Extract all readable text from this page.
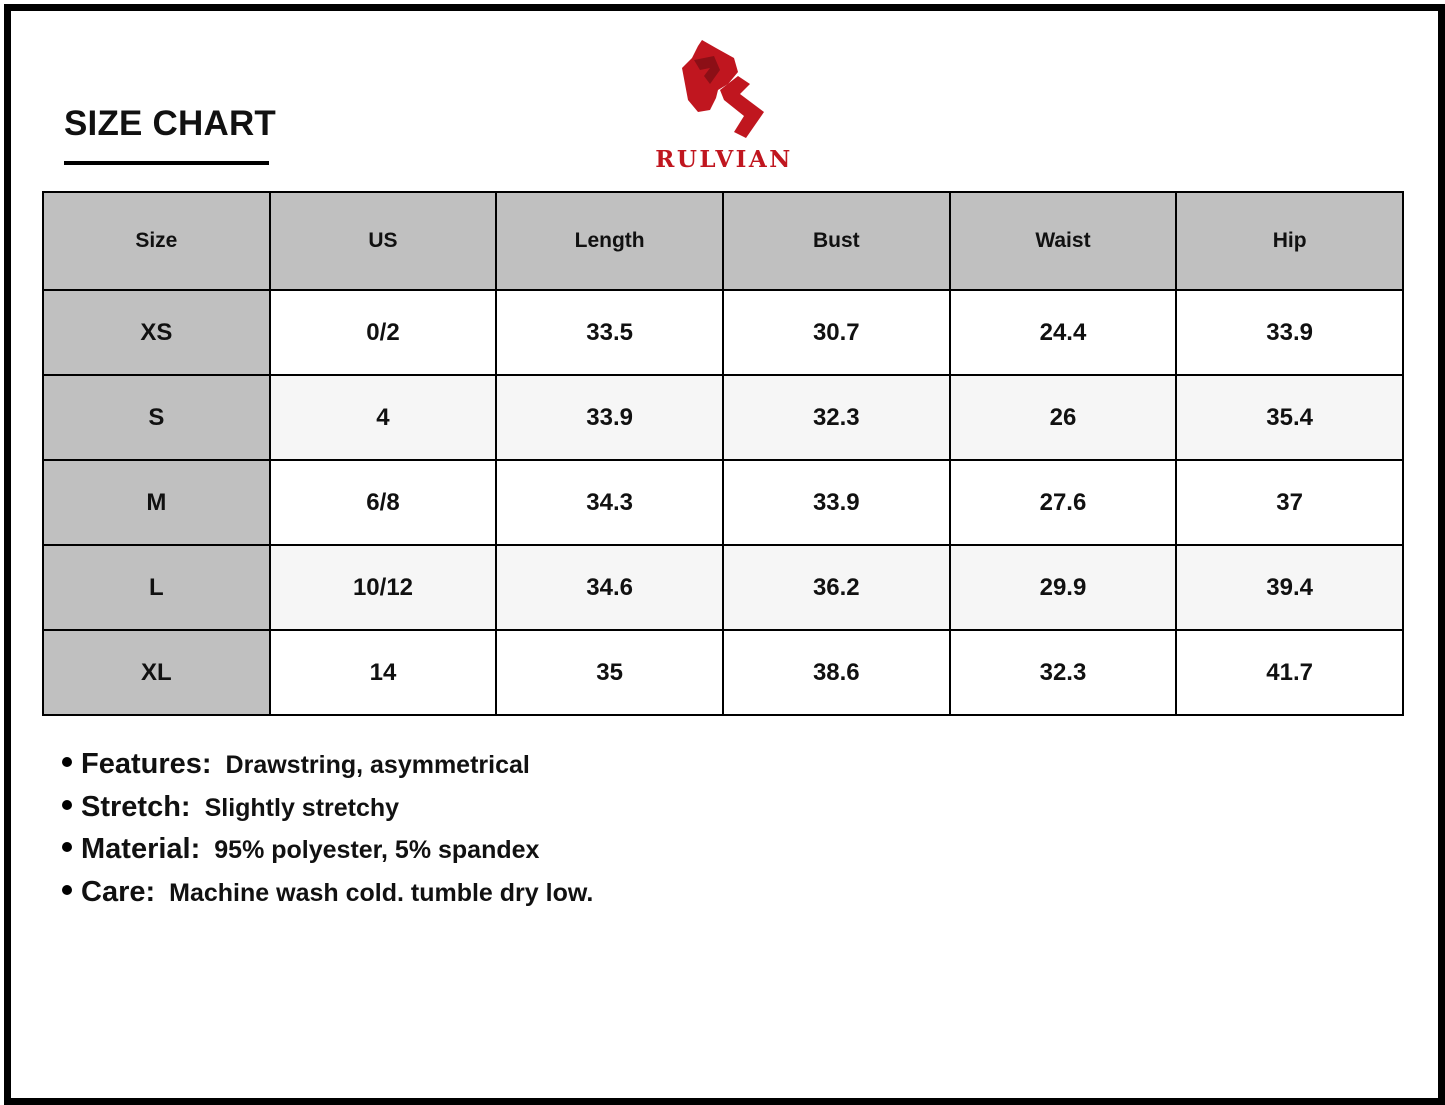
SIZE CHART
RULVIAN
Size	US	Length	Bust	Waist	Hip
XS	0/2	33.5	30.7	24.4	33.9
S	4	33.9	32.3	26	35.4
M	6/8	34.3	33.9	27.6	37
L	10/12	34.6	36.2	29.9	39.4
XL	14	35	38.6	32.3	41.7
Features: Drawstring, asymmetrical
Stretch: Slightly stretchy
Material: 95% polyester, 5% spandex
Care: Machine wash cold. tumble dry low.
